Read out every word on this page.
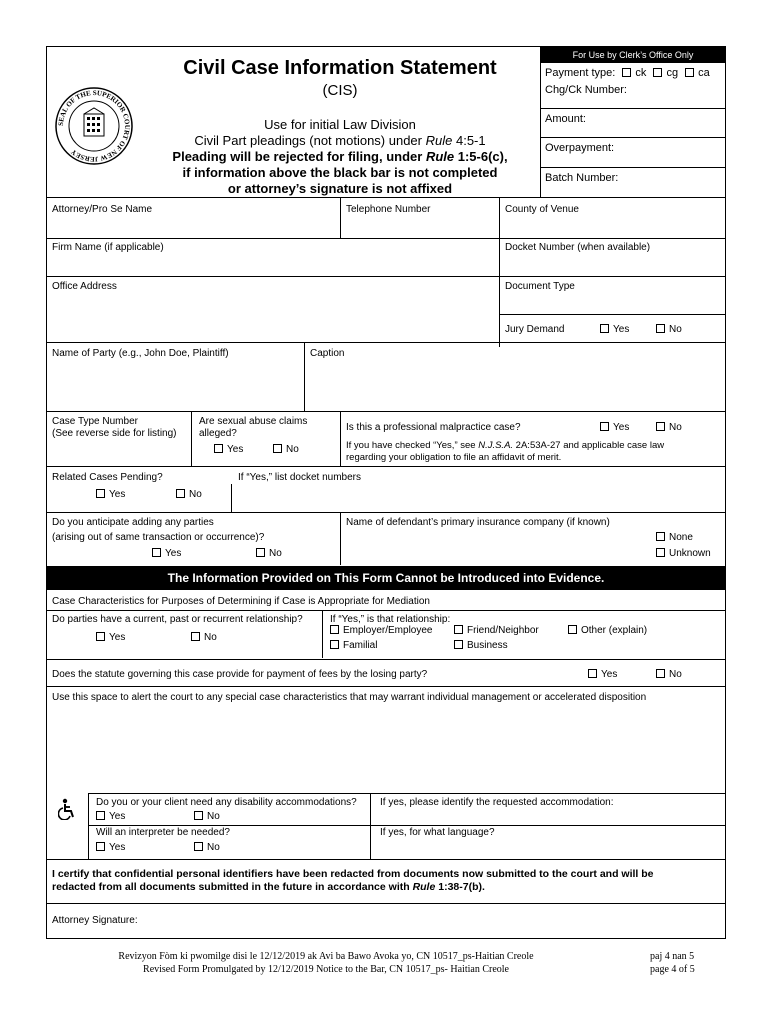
SEAL OF THE SUPERIOR COURT OF NEW JERSEY
Civil Case Information Statement
(CIS)
Use for initial Law Division
Civil Part pleadings (not motions) under Rule 4:5-1
Pleading will be rejected for filing, under Rule 1:5-6(c),
if information above the black bar is not completed
or attorney’s signature is not affixed
For Use by Clerk’s Office Only
Payment type: ck cg ca
Chg/Ck Number:
Amount:
Overpayment:
Batch Number:
Attorney/Pro Se Name	Telephone Number	County of Venue
Firm Name (if applicable)	Docket Number (when available)
Office Address	Document Type
Jury Demand	Yes	No
Name of Party (e.g., John Doe, Plaintiff)	Caption
Case Type Number
(See reverse side for listing)
Are sexual abuse claims
alleged?
Yes	No
Is this a professional malpractice case?	Yes	No
If you have checked “Yes,” see N.J.S.A. 2A:53A-27 and applicable case law
regarding your obligation to file an affidavit of merit.
Related Cases Pending?
Yes	No
If “Yes,” list docket numbers
Do you anticipate adding any parties
(arising out of same transaction or occurrence)?
Yes	No
Name of defendant’s primary insurance company (if known)
None
Unknown
The Information Provided on This Form Cannot be Introduced into Evidence.
Case Characteristics for Purposes of Determining if Case is Appropriate for Mediation
Do parties have a current, past or recurrent relationship?
Yes	No
If “Yes,” is that relationship:
Employer/Employee	Friend/Neighbor	Other (explain)
Familial	Business
Does the statute governing this case provide for payment of fees by the losing party?	Yes	No
Use this space to alert the court to any special case characteristics that may warrant individual management or accelerated disposition
Do you or your client need any disability accommodations?
Yes	No
If yes, please identify the requested accommodation:
Will an interpreter be needed?
Yes	No
If yes, for what language?
I certify that confidential personal identifiers have been redacted from documents now submitted to the court and will be
redacted from all documents submitted in the future in accordance with Rule 1:38-7(b).
Attorney Signature:
Revizyon Fòm ki pwomilge disi le 12/12/2019 ak Avi ba Bawo Avoka yo, CN 10517_ps-Haitian Creole
Revised Form Promulgated by 12/12/2019 Notice to the Bar, CN 10517_ps- Haitian Creole
paj 4 nan 5
page 4 of 5
